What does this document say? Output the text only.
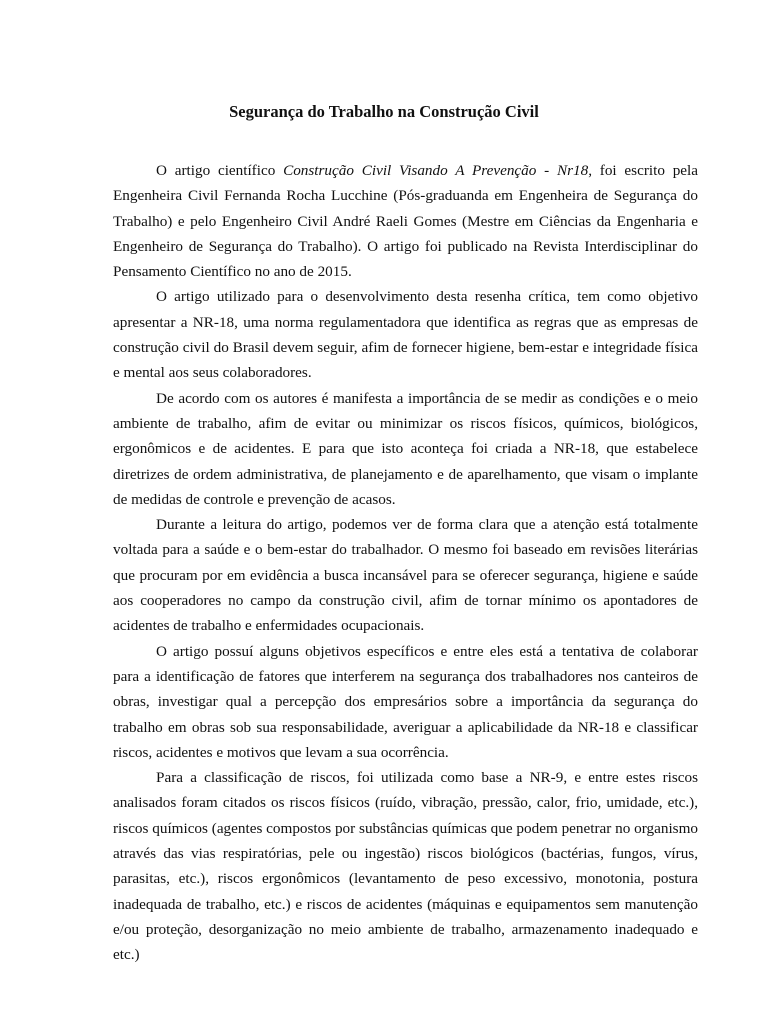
Segurança do Trabalho na Construção Civil

O artigo científico Construção Civil Visando A Prevenção - Nr18, foi escrito pela Engenheira Civil Fernanda Rocha Lucchine (Pós-graduanda em Engenheira de Segurança do Trabalho) e pelo Engenheiro Civil André Raeli Gomes (Mestre em Ciências da Engenharia e Engenheiro de Segurança do Trabalho). O artigo foi publicado na Revista Interdisciplinar do Pensamento Científico no ano de 2015.

O artigo utilizado para o desenvolvimento desta resenha crítica, tem como objetivo apresentar a NR-18, uma norma regulamentadora que identifica as regras que as empresas de construção civil do Brasil devem seguir, afim de fornecer higiene, bem-estar e integridade física e mental aos seus colaboradores.

De acordo com os autores é manifesta a importância de se medir as condições e o meio ambiente de trabalho, afim de evitar ou minimizar os riscos físicos, químicos, biológicos, ergonômicos e de acidentes. E para que isto aconteça foi criada a NR-18, que estabelece diretrizes de ordem administrativa, de planejamento e de aparelhamento, que visam o implante de medidas de controle e prevenção de acasos.

Durante a leitura do artigo, podemos ver de forma clara que a atenção está totalmente voltada para a saúde e o bem-estar do trabalhador. O mesmo foi baseado em revisões literárias que procuram por em evidência a busca incansável para se oferecer segurança, higiene e saúde aos cooperadores no campo da construção civil, afim de tornar mínimo os apontadores de acidentes de trabalho e enfermidades ocupacionais.

O artigo possuí alguns objetivos específicos e entre eles está a tentativa de colaborar para a identificação de fatores que interferem na segurança dos trabalhadores nos canteiros de obras, investigar qual a percepção dos empresários sobre a importância da segurança do trabalho em obras sob sua responsabilidade, averiguar a aplicabilidade da NR-18 e classificar riscos, acidentes e motivos que levam a sua ocorrência.

Para a classificação de riscos, foi utilizada como base a NR-9, e entre estes riscos analisados foram citados os riscos físicos (ruído, vibração, pressão, calor, frio, umidade, etc.), riscos químicos (agentes compostos por substâncias químicas que podem penetrar no organismo através das vias respiratórias, pele ou ingestão) riscos biológicos (bactérias, fungos, vírus, parasitas, etc.), riscos ergonômicos (levantamento de peso excessivo, monotonia, postura inadequada de trabalho, etc.) e riscos de acidentes (máquinas e equipamentos sem manutenção e/ou proteção, desorganização no meio ambiente de trabalho, armazenamento inadequado e etc.)
